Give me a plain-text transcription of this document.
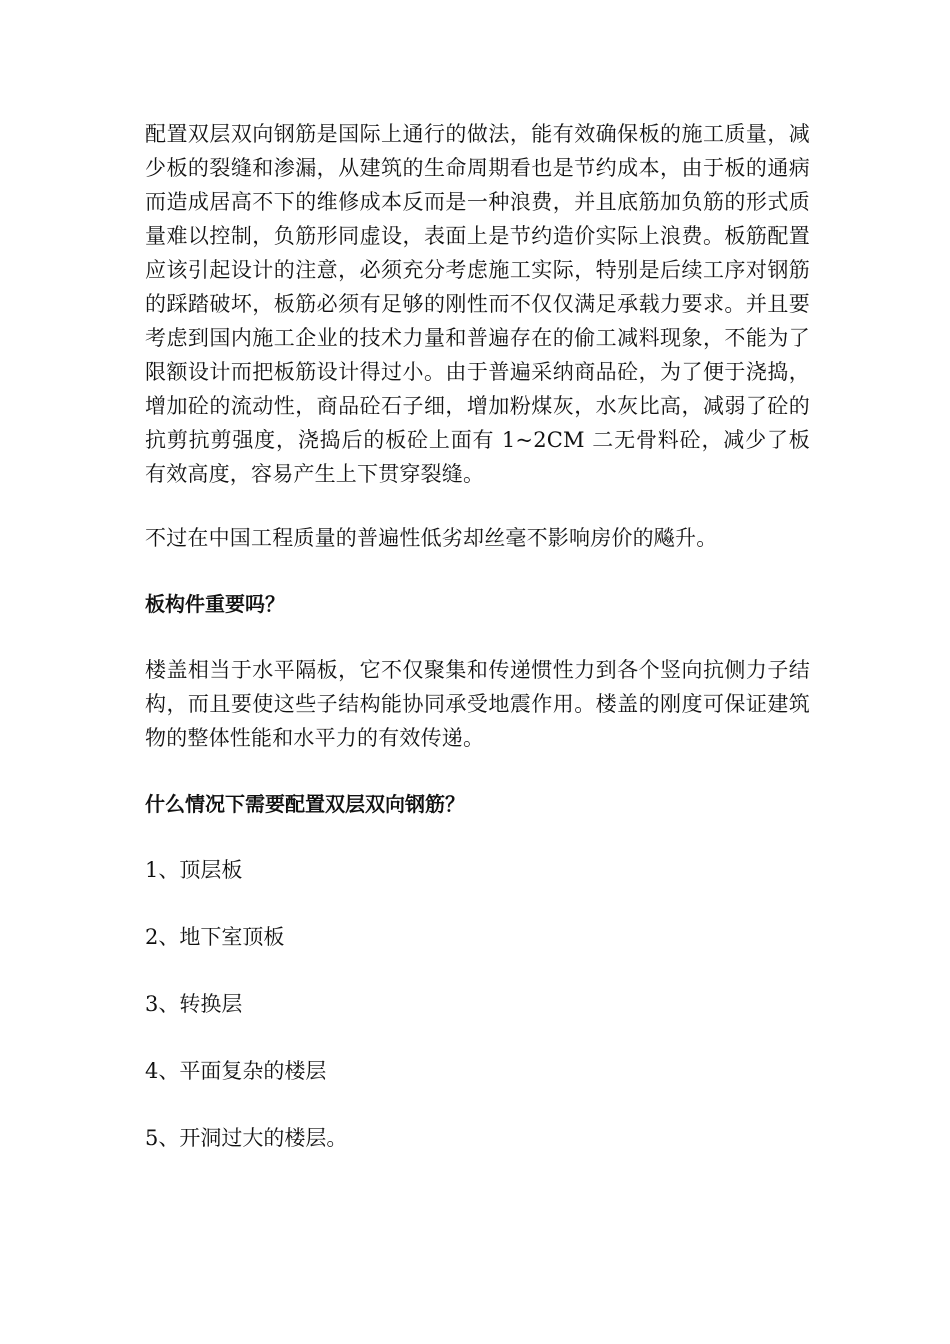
配置双层双向钢筋是国际上通行的做法，能有效确保板的施工质量，减少板的裂缝和渗漏，从建筑的生命周期看也是节约成本，由于板的通病而造成居高不下的维修成本反而是一种浪费，并且底筋加负筋的形式质量难以控制，负筋形同虚设，表面上是节约造价实际上浪费。板筋配置应该引起设计的注意，必须充分考虑施工实际，特别是后续工序对钢筋的踩踏破坏，板筋必须有足够的刚性而不仅仅满足承载力要求。并且要考虑到国内施工企业的技术力量和普遍存在的偷工减料现象，不能为了限额设计而把板筋设计得过小。由于普遍采纳商品砼，为了便于浇捣，增加砼的流动性，商品砼石子细，增加粉煤灰，水灰比高，减弱了砼的抗剪抗剪强度，浇捣后的板砼上面有 1~2CM 二无骨料砼，减少了板有效高度，容易产生上下贯穿裂缝。

不过在中国工程质量的普遍性低劣却丝毫不影响房价的飚升。

板构件重要吗？

楼盖相当于水平隔板，它不仅聚集和传递惯性力到各个竖向抗侧力子结构，而且要使这些子结构能协同承受地震作用。楼盖的刚度可保证建筑物的整体性能和水平力的有效传递。

什么情况下需要配置双层双向钢筋？

1、顶层板

2、地下室顶板

3、转换层

4、平面复杂的楼层

5、开洞过大的楼层。
